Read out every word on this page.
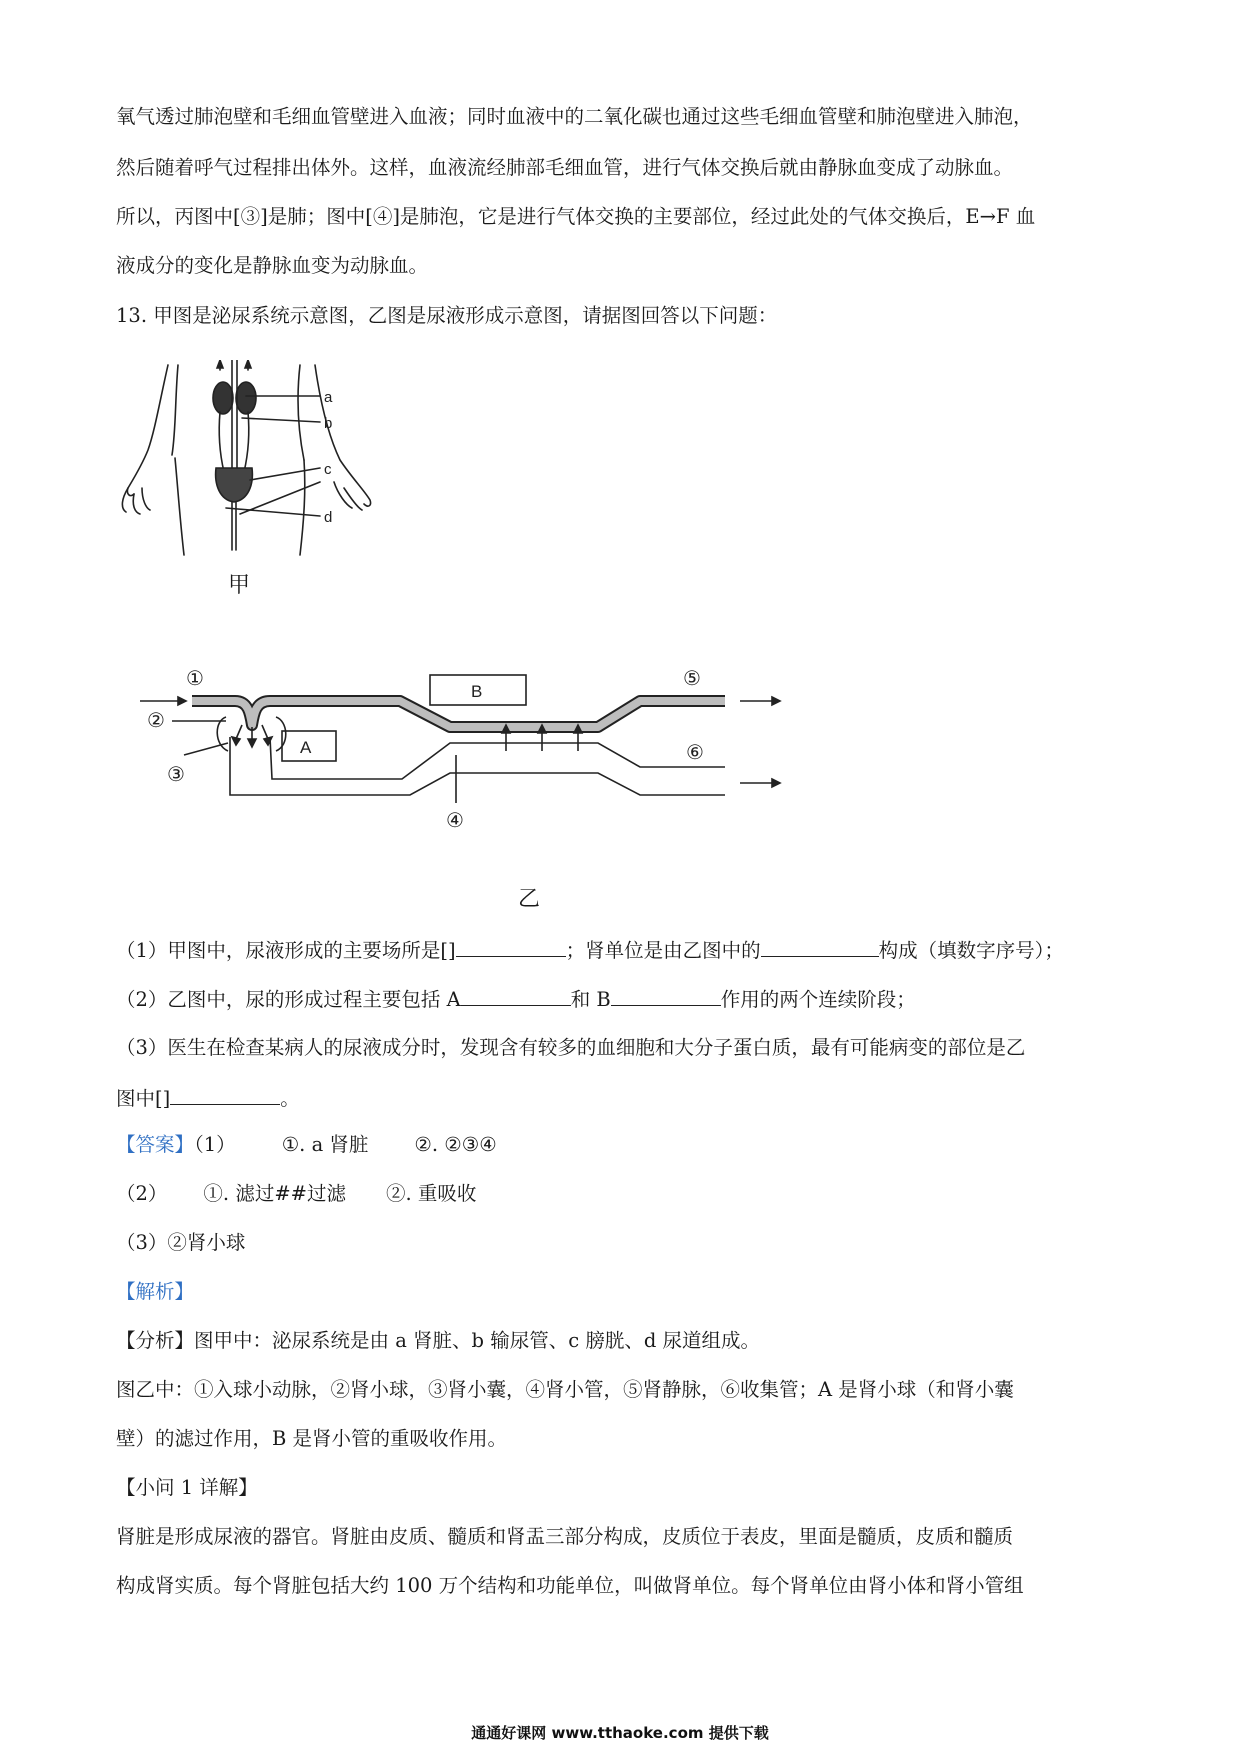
氧气透过肺泡壁和毛细血管壁进入血液；同时血液中的二氧化碳也通过这些毛细血管壁和肺泡壁进入肺泡，
然后随着呼气过程排出体外。这样，血液流经肺部毛细血管，进行气体交换后就由静脉血变成了动脉血。
所以，丙图中[③]是肺；图中[④]是肺泡，它是进行气体交换的主要部位，经过此处的气体交换后，E→F 血
液成分的变化是静脉血变为动脉血。
13. 甲图是泌尿系统示意图，乙图是尿液形成示意图，请据图回答以下问题：
a
b
c
d
甲
①
②
③
④
⑤
⑥
A
B
乙
（1）甲图中，尿液形成的主要场所是[]	；肾单位是由乙图中的	构成（填数字序号）；
（2）乙图中，尿的形成过程主要包括 A	和 B	作用的两个连续阶段；
（3）医生在检查某病人的尿液成分时，发现含有较多的血细胞和大分子蛋白质，最有可能病变的部位是乙
图中[]	。
【答案】（1） ①. a 肾脏 ②. ②③④
（2） ①. 滤过##过滤 ②. 重吸收
（3）②肾小球
【解析】
【分析】图甲中：泌尿系统是由 a 肾脏、b 输尿管、c 膀胱、d 尿道组成。
图乙中：①入球小动脉，②肾小球，③肾小囊，④肾小管，⑤肾静脉，⑥收集管；A 是肾小球（和肾小囊
壁）的滤过作用，B 是肾小管的重吸收作用。
【小问 1 详解】
肾脏是形成尿液的器官。肾脏由皮质、髓质和肾盂三部分构成，皮质位于表皮，里面是髓质，皮质和髓质
构成肾实质。每个肾脏包括大约 100 万个结构和功能单位，叫做肾单位。每个肾单位由肾小体和肾小管组
通通好课网 www.tthaoke.com 提供下载
